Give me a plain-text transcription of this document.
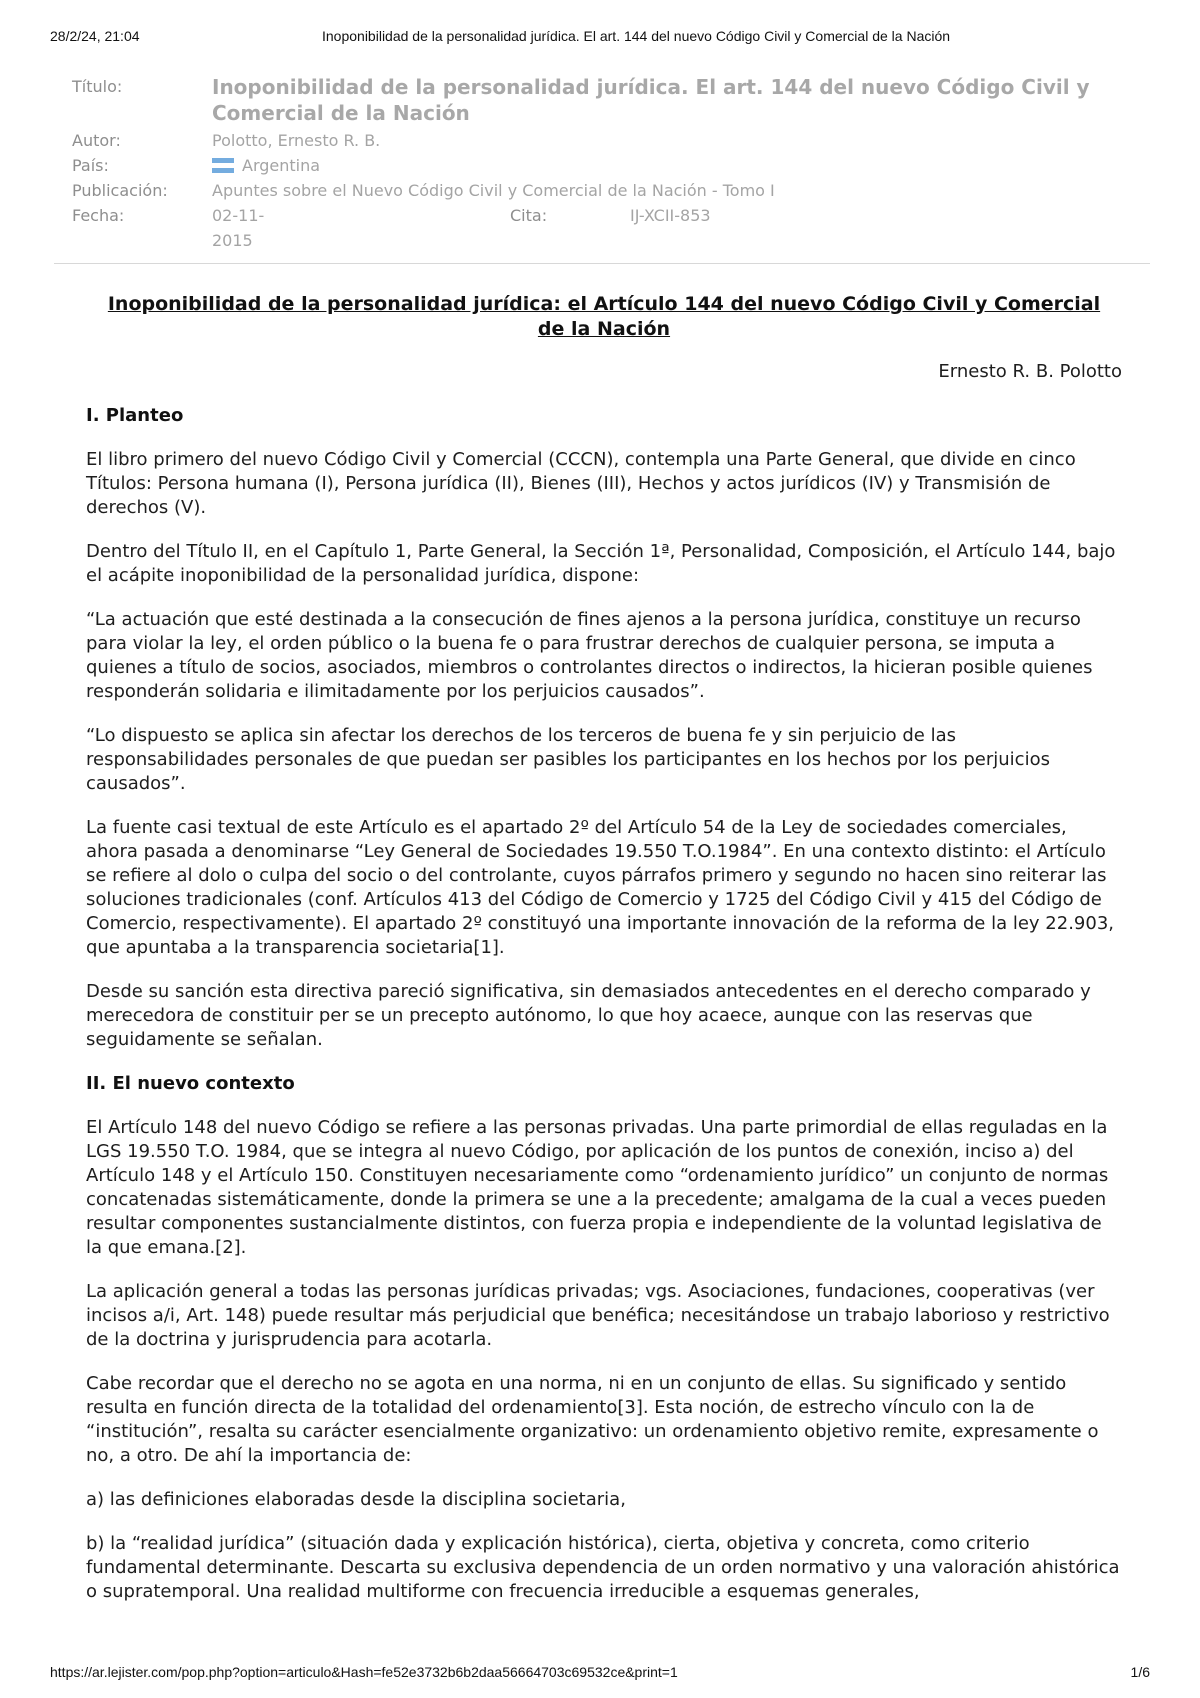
28/2/24, 21:04	Inoponibilidad de la personalidad jurídica. El art. 144 del nuevo Código Civil y Comercial de la Nación
Título:	Inoponibilidad de la personalidad jurídica. El art. 144 del nuevo Código Civil y Comercial de la Nación
Autor:	Polotto, Ernesto R. B.
País:	Argentina
Publicación:	Apuntes sobre el Nuevo Código Civil y Comercial de la Nación - Tomo I
Fecha:	02-11-2015
Cita:	IJ-XCII-853
Inoponibilidad de la personalidad jurídica: el Artículo 144 del nuevo Código Civil y Comercial de la Nación
Ernesto R. B. Polotto
I. Planteo

El libro primero del nuevo Código Civil y Comercial (CCCN), contempla una Parte General, que divide en cinco Títulos: Persona humana (I), Persona jurídica (II), Bienes (III), Hechos y actos jurídicos (IV) y Transmisión de derechos (V).

Dentro del Título II, en el Capítulo 1, Parte General, la Sección 1ª, Personalidad, Composición, el Artículo 144, bajo el acápite inoponibilidad de la personalidad jurídica, dispone:

“La actuación que esté destinada a la consecución de fines ajenos a la persona jurídica, constituye un recurso para violar la ley, el orden público o la buena fe o para frustrar derechos de cualquier persona, se imputa a quienes a título de socios, asociados, miembros o controlantes directos o indirectos, la hicieran posible quienes responderán solidaria e ilimitadamente por los perjuicios causados”.

“Lo dispuesto se aplica sin afectar los derechos de los terceros de buena fe y sin perjuicio de las responsabilidades personales de que puedan ser pasibles los participantes en los hechos por los perjuicios causados”.

La fuente casi textual de este Artículo es el apartado 2º del Artículo 54 de la Ley de sociedades comerciales, ahora pasada a denominarse “Ley General de Sociedades 19.550 T.O.1984”. En una contexto distinto: el Artículo se refiere al dolo o culpa del socio o del controlante, cuyos párrafos primero y segundo no hacen sino reiterar las soluciones tradicionales (conf. Artículos 413 del Código de Comercio y 1725 del Código Civil y 415 del Código de Comercio, respectivamente). El apartado 2º constituyó una importante innovación de la reforma de la ley 22.903, que apuntaba a la transparencia societaria[1].

Desde su sanción esta directiva pareció significativa, sin demasiados antecedentes en el derecho comparado y merecedora de constituir per se un precepto autónomo, lo que hoy acaece, aunque con las reservas que seguidamente se señalan.

II. El nuevo contexto

El Artículo 148 del nuevo Código se refiere a las personas privadas. Una parte primordial de ellas reguladas en la LGS 19.550 T.O. 1984, que se integra al nuevo Código, por aplicación de los puntos de conexión, inciso a) del Artículo 148 y el Artículo 150. Constituyen necesariamente como “ordenamiento jurídico” un conjunto de normas concatenadas sistemáticamente, donde la primera se une a la precedente; amalgama de la cual a veces pueden resultar componentes sustancialmente distintos, con fuerza propia e independiente de la voluntad legislativa de la que emana.[2].

La aplicación general a todas las personas jurídicas privadas; vgs. Asociaciones, fundaciones, cooperativas (ver incisos a/i, Art. 148) puede resultar más perjudicial que benéfica; necesitándose un trabajo laborioso y restrictivo de la doctrina y jurisprudencia para acotarla.

Cabe recordar que el derecho no se agota en una norma, ni en un conjunto de ellas. Su significado y sentido resulta en función directa de la totalidad del ordenamiento[3]. Esta noción, de estrecho vínculo con la de “institución”, resalta su carácter esencialmente organizativo: un ordenamiento objetivo remite, expresamente o no, a otro. De ahí la importancia de:

a) las definiciones elaboradas desde la disciplina societaria,

b) la “realidad jurídica” (situación dada y explicación histórica), cierta, objetiva y concreta, como criterio fundamental determinante. Descarta su exclusiva dependencia de un orden normativo y una valoración ahistórica o supratemporal. Una realidad multiforme con frecuencia irreducible a esquemas generales,

https://ar.lejister.com/pop.php?option=articulo&Hash=fe52e3732b6b2daa56664703c69532ce&print=1	1/6
